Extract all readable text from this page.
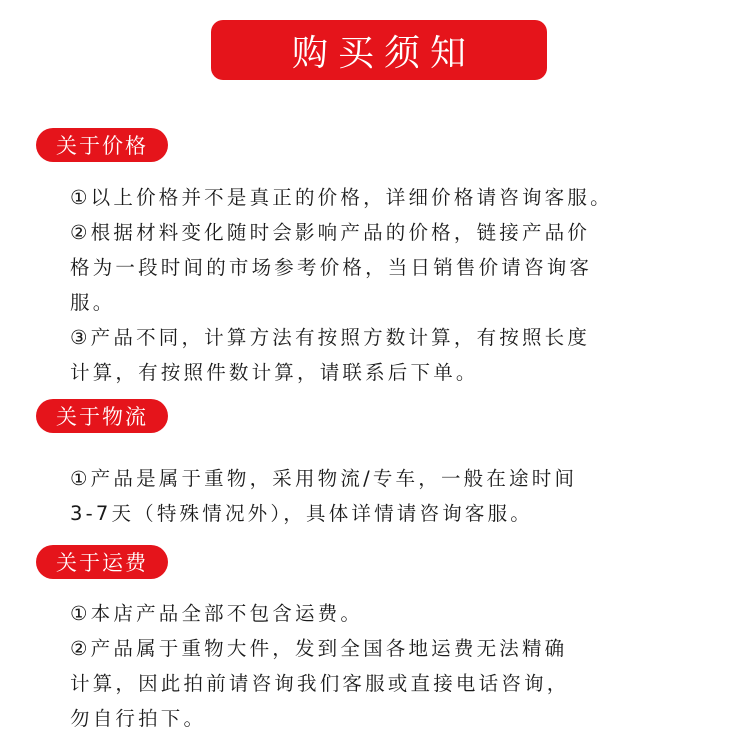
购买须知
关于价格
①以上价格并不是真正的价格，详细价格请咨询客服。
②根据材料变化随时会影响产品的价格，链接产品价
格为一段时间的市场参考价格，当日销售价请咨询客
服。
③产品不同，计算方法有按照方数计算，有按照长度
计算，有按照件数计算，请联系后下单。
关于物流
①产品是属于重物，采用物流/专车，一般在途时间
3-7天（特殊情况外），具体详情请咨询客服。
关于运费
①本店产品全部不包含运费。
②产品属于重物大件，发到全国各地运费无法精确
计算，因此拍前请咨询我们客服或直接电话咨询，
勿自行拍下。
